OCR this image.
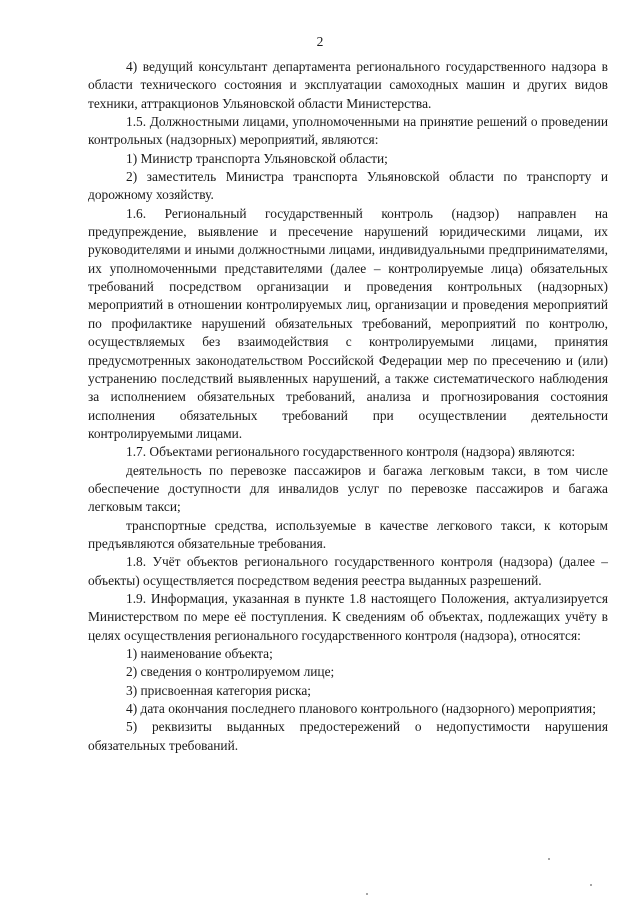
2

4) ведущий консультант департамента регионального государственного надзора в области технического состояния и эксплуатации самоходных машин и других видов техники, аттракционов Ульяновской области Министерства.

1.5. Должностными лицами, уполномоченными на принятие решений о проведении контрольных (надзорных) мероприятий, являются:

1) Министр транспорта Ульяновской области;

2) заместитель Министра транспорта Ульяновской области по транспорту и дорожному хозяйству.

1.6. Региональный государственный контроль (надзор) направлен на предупреждение, выявление и пресечение нарушений юридическими лицами, их руководителями и иными должностными лицами, индивидуальными предпринимателями, их уполномоченными представителями (далее – контролируемые лица) обязательных требований посредством организации и проведения контрольных (надзорных) мероприятий в отношении контролируемых лиц, организации и проведения мероприятий по профилактике нарушений обязательных требований, мероприятий по контролю, осуществляемых без взаимодействия с контролируемыми лицами, принятия предусмотренных законодательством Российской Федерации мер по пресечению и (или) устранению последствий выявленных нарушений, а также систематического наблюдения за исполнением обязательных требований, анализа и прогнозирования состояния исполнения обязательных требований при осуществлении деятельности контролируемыми лицами.

1.7. Объектами регионального государственного контроля (надзора) являются:

деятельность по перевозке пассажиров и багажа легковым такси, в том числе обеспечение доступности для инвалидов услуг по перевозке пассажиров и багажа легковым такси;

транспортные средства, используемые в качестве легкового такси, к которым предъявляются обязательные требования.

1.8. Учёт объектов регионального государственного контроля (надзора) (далее – объекты) осуществляется посредством ведения реестра выданных разрешений.

1.9. Информация, указанная в пункте 1.8 настоящего Положения, актуализируется Министерством по мере её поступления. К сведениям об объектах, подлежащих учёту в целях осуществления регионального государственного контроля (надзора), относятся:

1) наименование объекта;

2) сведения о контролируемом лице;

3) присвоенная категория риска;

4) дата окончания последнего планового контрольного (надзорного) мероприятия;

5) реквизиты выданных предостережений о недопустимости нарушения обязательных требований.
